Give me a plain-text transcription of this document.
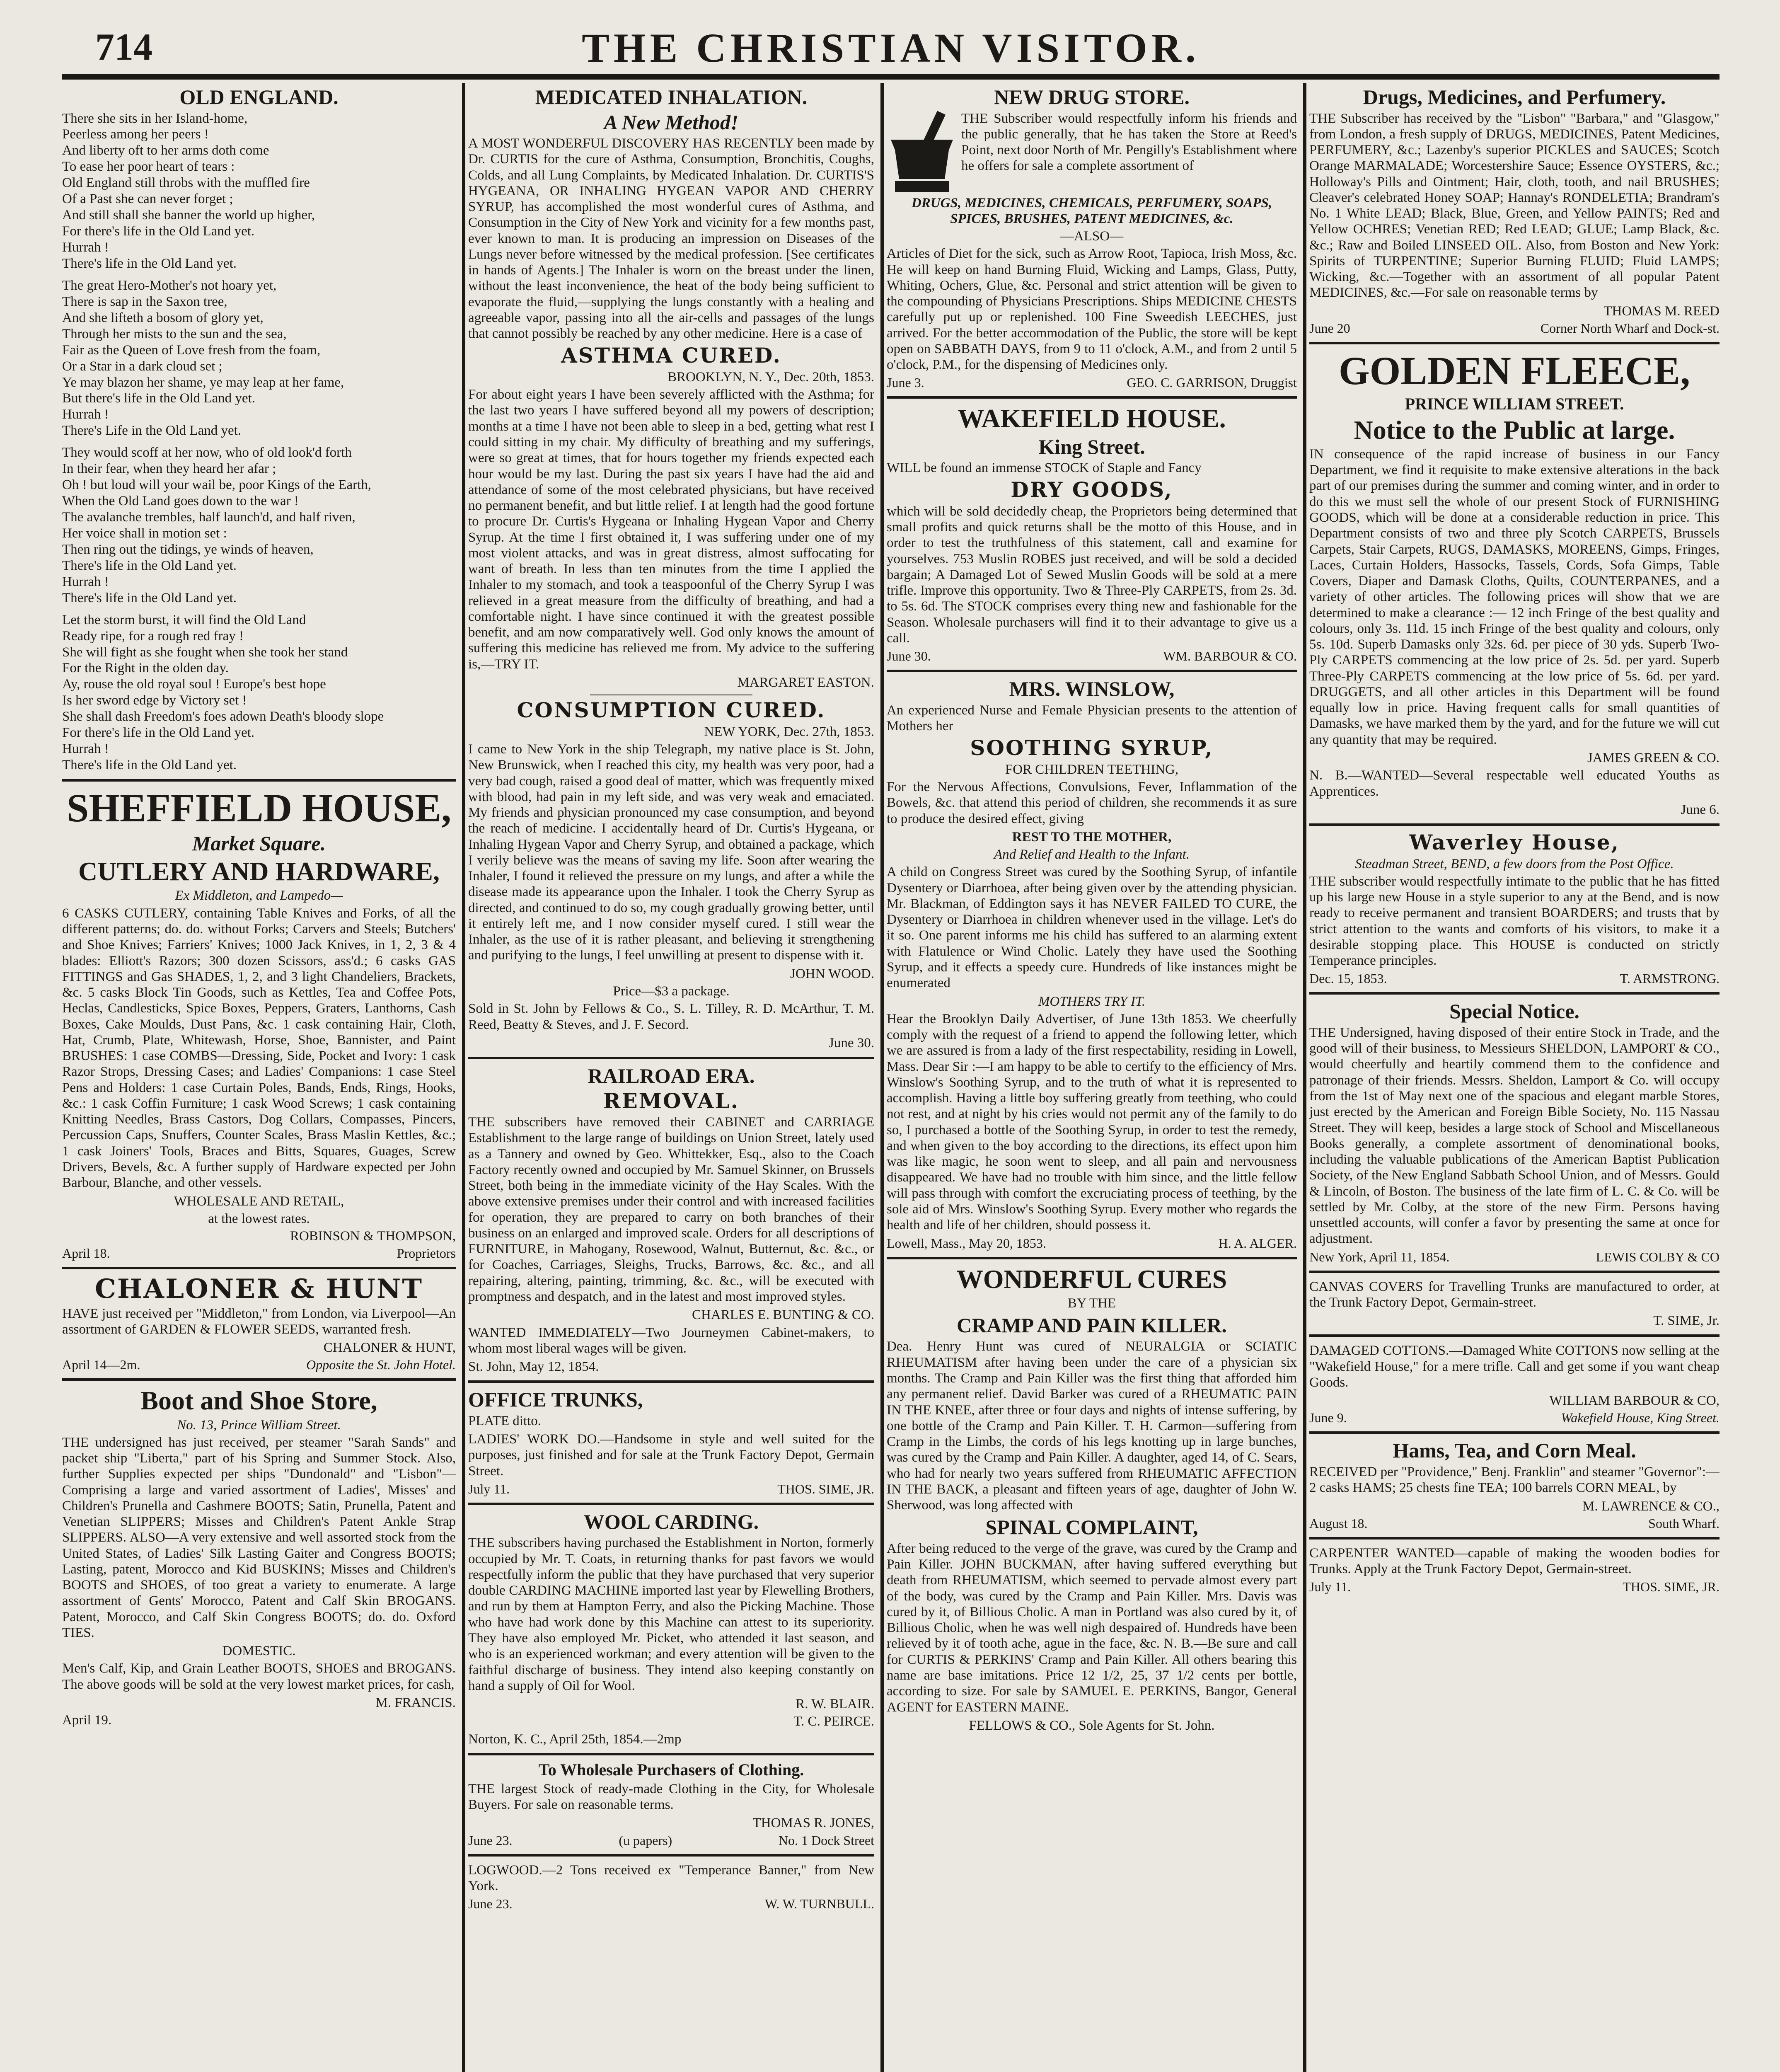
714	THE CHRISTIAN VISITOR.
OLD ENGLAND.

There she sits in her Island-home,
Peerless among her peers !
And liberty oft to her arms doth come
To ease her poor heart of tears :
Old England still throbs with the muffled fire
Of a Past she can never forget ;
And still shall she banner the world up higher,
For there's life in the Old Land yet.
Hurrah !
There's life in the Old Land yet.

The great Hero-Mother's not hoary yet,
There is sap in the Saxon tree,
And she lifteth a bosom of glory yet,
Through her mists to the sun and the sea,
Fair as the Queen of Love fresh from the foam,
Or a Star in a dark cloud set ;
Ye may blazon her shame, ye may leap at her fame,
But there's life in the Old Land yet.
Hurrah !
There's Life in the Old Land yet.

They would scoff at her now, who of old look'd forth
In their fear, when they heard her afar ;
Oh ! but loud will your wail be, poor Kings of the Earth,
When the Old Land goes down to the war !
The avalanche trembles, half launch'd, and half riven,
Her voice shall in motion set :
Then ring out the tidings, ye winds of heaven,
There's life in the Old Land yet.
Hurrah !
There's life in the Old Land yet.

Let the storm burst, it will find the Old Land
Ready ripe, for a rough red fray !
She will fight as she fought when she took her stand
For the Right in the olden day.
Ay, rouse the old royal soul ! Europe's best hope
Is her sword edge by Victory set !
She shall dash Freedom's foes adown Death's bloody slope
For there's life in the Old Land yet.
Hurrah !
There's life in the Old Land yet.

SHEFFIELD HOUSE,
Market Square.
CUTLERY AND HARDWARE,

Ex Middleton, and Lampedo—

6 CASKS CUTLERY, containing Table Knives and Forks, of all the different patterns; do. do. without Forks; Carvers and Steels; Butchers' and Shoe Knives; Farriers' Knives; 1000 Jack Knives, in 1, 2, 3 & 4 blades: Elliott's Razors; 300 dozen Scissors, ass'd.; 6 casks GAS FITTINGS and Gas SHADES, 1, 2, and 3 light Chandeliers, Brackets, &c. 5 casks Block Tin Goods, such as Kettles, Tea and Coffee Pots, Heclas, Candlesticks, Spice Boxes, Peppers, Graters, Lanthorns, Cash Boxes, Cake Moulds, Dust Pans, &c. 1 cask containing Hair, Cloth, Hat, Crumb, Plate, Whitewash, Horse, Shoe, Bannister, and Paint BRUSHES: 1 case COMBS—Dressing, Side, Pocket and Ivory: 1 cask Razor Strops, Dressing Cases; and Ladies' Companions: 1 case Steel Pens and Holders: 1 case Curtain Poles, Bands, Ends, Rings, Hooks, &c.: 1 cask Coffin Furniture; 1 cask Wood Screws; 1 cask containing Knitting Needles, Brass Castors, Dog Collars, Compasses, Pincers, Percussion Caps, Snuffers, Counter Scales, Brass Maslin Kettles, &c.; 1 cask Joiners' Tools, Braces and Bitts, Squares, Guages, Screw Drivers, Bevels, &c. A further supply of Hardware expected per John Barbour, Blanche, and other vessels.

WHOLESALE AND RETAIL,

at the lowest rates.

ROBINSON & THOMPSON,

April 18.	Proprietors
CHALONER & HUNT

HAVE just received per "Middleton," from London, via Liverpool—An assortment of GARDEN & FLOWER SEEDS, warranted fresh.

CHALONER & HUNT,

April 14—2m.	Opposite the St. John Hotel.
Boot and Shoe Store,

No. 13, Prince William Street.

THE undersigned has just received, per steamer "Sarah Sands" and packet ship "Liberta," part of his Spring and Summer Stock. Also, further Supplies expected per ships "Dundonald" and "Lisbon"—Comprising a large and varied assortment of Ladies', Misses' and Children's Prunella and Cashmere BOOTS; Satin, Prunella, Patent and Venetian SLIPPERS; Misses and Children's Patent Ankle Strap SLIPPERS. ALSO—A very extensive and well assorted stock from the United States, of Ladies' Silk Lasting Gaiter and Congress BOOTS; Lasting, patent, Morocco and Kid BUSKINS; Misses and Children's BOOTS and SHOES, of too great a variety to enumerate. A large assortment of Gents' Morocco, Patent and Calf Skin BROGANS. Patent, Morocco, and Calf Skin Congress BOOTS; do. do. Oxford TIES.

DOMESTIC.

Men's Calf, Kip, and Grain Leather BOOTS, SHOES and BROGANS. The above goods will be sold at the very lowest market prices, for cash,

M. FRANCIS.

April 19.

MEDICATED INHALATION.
A New Method!

A MOST WONDERFUL DISCOVERY HAS RECENTLY been made by Dr. CURTIS for the cure of Asthma, Consumption, Bronchitis, Coughs, Colds, and all Lung Complaints, by Medicated Inhalation. Dr. CURTIS'S HYGEANA, OR INHALING HYGEAN VAPOR AND CHERRY SYRUP, has accomplished the most wonderful cures of Asthma, and Consumption in the City of New York and vicinity for a few months past, ever known to man. It is producing an impression on Diseases of the Lungs never before witnessed by the medical profession. [See certificates in hands of Agents.] The Inhaler is worn on the breast under the linen, without the least inconvenience, the heat of the body being sufficient to evaporate the fluid,—supplying the lungs constantly with a healing and agreeable vapor, passing into all the air-cells and passages of the lungs that cannot possibly be reached by any other medicine. Here is a case of

ASTHMA CURED.

BROOKLYN, N. Y., Dec. 20th, 1853.

For about eight years I have been severely afflicted with the Asthma; for the last two years I have suffered beyond all my powers of description; months at a time I have not been able to sleep in a bed, getting what rest I could sitting in my chair. My difficulty of breathing and my sufferings, were so great at times, that for hours together my friends expected each hour would be my last. During the past six years I have had the aid and attendance of some of the most celebrated physicians, but have received no permanent benefit, and but little relief. I at length had the good fortune to procure Dr. Curtis's Hygeana or Inhaling Hygean Vapor and Cherry Syrup. At the time I first obtained it, I was suffering under one of my most violent attacks, and was in great distress, almost suffocating for want of breath. In less than ten minutes from the time I applied the Inhaler to my stomach, and took a teaspoonful of the Cherry Syrup I was relieved in a great measure from the difficulty of breathing, and had a comfortable night. I have since continued it with the greatest possible benefit, and am now comparatively well. God only knows the amount of suffering this medicine has relieved me from. My advice to the suffering is,—TRY IT.

MARGARET EASTON.

CONSUMPTION CURED.

NEW YORK, Dec. 27th, 1853.

I came to New York in the ship Telegraph, my native place is St. John, New Brunswick, when I reached this city, my health was very poor, had a very bad cough, raised a good deal of matter, which was frequently mixed with blood, had pain in my left side, and was very weak and emaciated. My friends and physician pronounced my case consumption, and beyond the reach of medicine. I accidentally heard of Dr. Curtis's Hygeana, or Inhaling Hygean Vapor and Cherry Syrup, and obtained a package, which I verily believe was the means of saving my life. Soon after wearing the Inhaler, I found it relieved the pressure on my lungs, and after a while the disease made its appearance upon the Inhaler. I took the Cherry Syrup as directed, and continued to do so, my cough gradually growing better, until it entirely left me, and I now consider myself cured. I still wear the Inhaler, as the use of it is rather pleasant, and believing it strengthening and purifying to the lungs, I feel unwilling at present to dispense with it.

JOHN WOOD.

Price—$3 a package.

Sold in St. John by Fellows & Co., S. L. Tilley, R. D. McArthur, T. M. Reed, Beatty & Steves, and J. F. Secord.

June 30.

RAILROAD ERA.
REMOVAL.

THE subscribers have removed their CABINET and CARRIAGE Establishment to the large range of buildings on Union Street, lately used as a Tannery and owned by Geo. Whittekker, Esq., also to the Coach Factory recently owned and occupied by Mr. Samuel Skinner, on Brussels Street, both being in the immediate vicinity of the Hay Scales. With the above extensive premises under their control and with increased facilities for operation, they are prepared to carry on both branches of their business on an enlarged and improved scale. Orders for all descriptions of FURNITURE, in Mahogany, Rosewood, Walnut, Butternut, &c. &c., or for Coaches, Carriages, Sleighs, Trucks, Barrows, &c. &c., and all repairing, altering, painting, trimming, &c. &c., will be executed with promptness and despatch, and in the latest and most improved styles.

CHARLES E. BUNTING & CO.

WANTED IMMEDIATELY—Two Journeymen Cabinet-makers, to whom most liberal wages will be given.

St. John, May 12, 1854.

OFFICE TRUNKS,

PLATE ditto.

LADIES' WORK DO.—Handsome in style and well suited for the purposes, just finished and for sale at the Trunk Factory Depot, Germain Street.

July 11.	THOS. SIME, JR.
WOOL CARDING.

THE subscribers having purchased the Establishment in Norton, formerly occupied by Mr. T. Coats, in returning thanks for past favors we would respectfully inform the public that they have purchased that very superior double CARDING MACHINE imported last year by Flewelling Brothers, and run by them at Hampton Ferry, and also the Picking Machine. Those who have had work done by this Machine can attest to its superiority. They have also employed Mr. Picket, who attended it last season, and who is an experienced workman; and every attention will be given to the faithful discharge of business. They intend also keeping constantly on hand a supply of Oil for Wool.

R. W. BLAIR.

T. C. PEIRCE.

Norton, K. C., April 25th, 1854.—2mp

To Wholesale Purchasers of Clothing.

THE largest Stock of ready-made Clothing in the City, for Wholesale Buyers. For sale on reasonable terms.

THOMAS R. JONES,

June 23.	(u papers)	No. 1 Dock Street

LOGWOOD.—2 Tons received ex "Temperance Banner," from New York.

June 23.	W. W. TURNBULL.
NEW DRUG STORE.

THE Subscriber would respectfully inform his friends and the public generally, that he has taken the Store at Reed's Point, next door North of Mr. Pengilly's Establishment where he offers for sale a complete assortment of

DRUGS, MEDICINES, CHEMICALS, PERFUMERY, SOAPS, SPICES, BRUSHES, PATENT MEDICINES, &c.

—ALSO—

Articles of Diet for the sick, such as Arrow Root, Tapioca, Irish Moss, &c. He will keep on hand Burning Fluid, Wicking and Lamps, Glass, Putty, Whiting, Ochers, Glue, &c. Personal and strict attention will be given to the compounding of Physicians Prescriptions. Ships MEDICINE CHESTS carefully put up or replenished. 100 Fine Sweedish LEECHES, just arrived. For the better accommodation of the Public, the store will be kept open on SABBATH DAYS, from 9 to 11 o'clock, A.M., and from 2 until 5 o'clock, P.M., for the dispensing of Medicines only.

June 3.	GEO. C. GARRISON, Druggist
WAKEFIELD HOUSE.
King Street.

WILL be found an immense STOCK of Staple and Fancy

DRY GOODS,

which will be sold decidedly cheap, the Proprietors being determined that small profits and quick returns shall be the motto of this House, and in order to test the truthfulness of this statement, call and examine for yourselves. 753 Muslin ROBES just received, and will be sold a decided bargain; A Damaged Lot of Sewed Muslin Goods will be sold at a mere trifle. Improve this opportunity. Two & Three-Ply CARPETS, from 2s. 3d. to 5s. 6d. The STOCK comprises every thing new and fashionable for the Season. Wholesale purchasers will find it to their advantage to give us a call.

June 30.	WM. BARBOUR & CO.
MRS. WINSLOW,

An experienced Nurse and Female Physician presents to the attention of Mothers her

SOOTHING SYRUP,

FOR CHILDREN TEETHING,

For the Nervous Affections, Convulsions, Fever, Inflammation of the Bowels, &c. that attend this period of children, she recommends it as sure to produce the desired effect, giving

REST TO THE MOTHER,

And Relief and Health to the Infant.

A child on Congress Street was cured by the Soothing Syrup, of infantile Dysentery or Diarrhoea, after being given over by the attending physician. Mr. Blackman, of Eddington says it has NEVER FAILED TO CURE, the Dysentery or Diarrhoea in children whenever used in the village. Let's do it so. One parent informs me his child has suffered to an alarming extent with Flatulence or Wind Cholic. Lately they have used the Soothing Syrup, and it effects a speedy cure. Hundreds of like instances might be enumerated

MOTHERS TRY IT.

Hear the Brooklyn Daily Advertiser, of June 13th 1853. We cheerfully comply with the request of a friend to append the following letter, which we are assured is from a lady of the first respectability, residing in Lowell, Mass. Dear Sir :—I am happy to be able to certify to the efficiency of Mrs. Winslow's Soothing Syrup, and to the truth of what it is represented to accomplish. Having a little boy suffering greatly from teething, who could not rest, and at night by his cries would not permit any of the family to do so, I purchased a bottle of the Soothing Syrup, in order to test the remedy, and when given to the boy according to the directions, its effect upon him was like magic, he soon went to sleep, and all pain and nervousness disappeared. We have had no trouble with him since, and the little fellow will pass through with comfort the excruciating process of teething, by the sole aid of Mrs. Winslow's Soothing Syrup. Every mother who regards the health and life of her children, should possess it.

Lowell, Mass., May 20, 1853.	H. A. ALGER.
WONDERFUL CURES

BY THE

CRAMP AND PAIN KILLER.

Dea. Henry Hunt was cured of NEURALGIA or SCIATIC RHEUMATISM after having been under the care of a physician six months. The Cramp and Pain Killer was the first thing that afforded him any permanent relief. David Barker was cured of a RHEUMATIC PAIN IN THE KNEE, after three or four days and nights of intense suffering, by one bottle of the Cramp and Pain Killer. T. H. Carmon—suffering from Cramp in the Limbs, the cords of his legs knotting up in large bunches, was cured by the Cramp and Pain Killer. A daughter, aged 14, of C. Sears, who had for nearly two years suffered from RHEUMATIC AFFECTION IN THE BACK, a pleasant and fifteen years of age, daughter of John W. Sherwood, was long affected with

SPINAL COMPLAINT,

After being reduced to the verge of the grave, was cured by the Cramp and Pain Killer. JOHN BUCKMAN, after having suffered everything but death from RHEUMATISM, which seemed to pervade almost every part of the body, was cured by the Cramp and Pain Killer. Mrs. Davis was cured by it, of Billious Cholic. A man in Portland was also cured by it, of Billious Cholic, when he was well nigh despaired of. Hundreds have been relieved by it of tooth ache, ague in the face, &c. N. B.—Be sure and call for CURTIS & PERKINS' Cramp and Pain Killer. All others bearing this name are base imitations. Price 12 1/2, 25, 37 1/2 cents per bottle, according to size. For sale by SAMUEL E. PERKINS, Bangor, General AGENT for EASTERN MAINE.

FELLOWS & CO., Sole Agents for St. John.

Drugs, Medicines, and Perfumery.

THE Subscriber has received by the "Lisbon" "Barbara," and "Glasgow," from London, a fresh supply of DRUGS, MEDICINES, Patent Medicines, PERFUMERY, &c.; Lazenby's superior PICKLES and SAUCES; Scotch Orange MARMALADE; Worcestershire Sauce; Essence OYSTERS, &c.; Holloway's Pills and Ointment; Hair, cloth, tooth, and nail BRUSHES; Cleaver's celebrated Honey SOAP; Hannay's RONDELETIA; Brandram's No. 1 White LEAD; Black, Blue, Green, and Yellow PAINTS; Red and Yellow OCHRES; Venetian RED; Red LEAD; GLUE; Lamp Black, &c. &c.; Raw and Boiled LINSEED OIL. Also, from Boston and New York: Spirits of TURPENTINE; Superior Burning FLUID; Fluid LAMPS; Wicking, &c.—Together with an assortment of all popular Patent MEDICINES, &c.—For sale on reasonable terms by

THOMAS M. REED

June 20	Corner North Wharf and Dock-st.
GOLDEN FLEECE,
PRINCE WILLIAM STREET.
Notice to the Public at large.

IN consequence of the rapid increase of business in our Fancy Department, we find it requisite to make extensive alterations in the back part of our premises during the summer and coming winter, and in order to do this we must sell the whole of our present Stock of FURNISHING GOODS, which will be done at a considerable reduction in price. This Department consists of two and three ply Scotch CARPETS, Brussels Carpets, Stair Carpets, RUGS, DAMASKS, MOREENS, Gimps, Fringes, Laces, Curtain Holders, Hassocks, Tassels, Cords, Sofa Gimps, Table Covers, Diaper and Damask Cloths, Quilts, COUNTERPANES, and a variety of other articles. The following prices will show that we are determined to make a clearance :— 12 inch Fringe of the best quality and colours, only 3s. 11d. 15 inch Fringe of the best quality and colours, only 5s. 10d. Superb Damasks only 32s. 6d. per piece of 30 yds. Superb Two-Ply CARPETS commencing at the low price of 2s. 5d. per yard. Superb Three-Ply CARPETS commencing at the low price of 5s. 6d. per yard. DRUGGETS, and all other articles in this Department will be found equally low in price. Having frequent calls for small quantities of Damasks, we have marked them by the yard, and for the future we will cut any quantity that may be required.

JAMES GREEN & CO.

N. B.—WANTED—Several respectable well educated Youths as Apprentices.

June 6.

Waverley House,

Steadman Street, BEND, a few doors from the Post Office.

THE subscriber would respectfully intimate to the public that he has fitted up his large new House in a style superior to any at the Bend, and is now ready to receive permanent and transient BOARDERS; and trusts that by strict attention to the wants and comforts of his visitors, to make it a desirable stopping place. This HOUSE is conducted on strictly Temperance principles.

Dec. 15, 1853.	T. ARMSTRONG.
Special Notice.

THE Undersigned, having disposed of their entire Stock in Trade, and the good will of their business, to Messieurs SHELDON, LAMPORT & CO., would cheerfully and heartily commend them to the confidence and patronage of their friends. Messrs. Sheldon, Lamport & Co. will occupy from the 1st of May next one of the spacious and elegant marble Stores, just erected by the American and Foreign Bible Society, No. 115 Nassau Street. They will keep, besides a large stock of School and Miscellaneous Books generally, a complete assortment of denominational books, including the valuable publications of the American Baptist Publication Society, of the New England Sabbath School Union, and of Messrs. Gould & Lincoln, of Boston. The business of the late firm of L. C. & Co. will be settled by Mr. Colby, at the store of the new Firm. Persons having unsettled accounts, will confer a favor by presenting the same at once for adjustment.

New York, April 11, 1854.	LEWIS COLBY & CO

CANVAS COVERS for Travelling Trunks are manufactured to order, at the Trunk Factory Depot, Germain-street.

T. SIME, Jr.

DAMAGED COTTONS.—Damaged White COTTONS now selling at the "Wakefield House," for a mere trifle. Call and get some if you want cheap Goods.

WILLIAM BARBOUR & CO,

June 9.	Wakefield House, King Street.
Hams, Tea, and Corn Meal.

RECEIVED per "Providence," Benj. Franklin" and steamer "Governor":—2 casks HAMS; 25 chests fine TEA; 100 barrels CORN MEAL, by

M. LAWRENCE & CO.,

August 18.	South Wharf.

CARPENTER WANTED—capable of making the wooden bodies for Trunks. Apply at the Trunk Factory Depot, Germain-street.

July 11.	THOS. SIME, JR.
